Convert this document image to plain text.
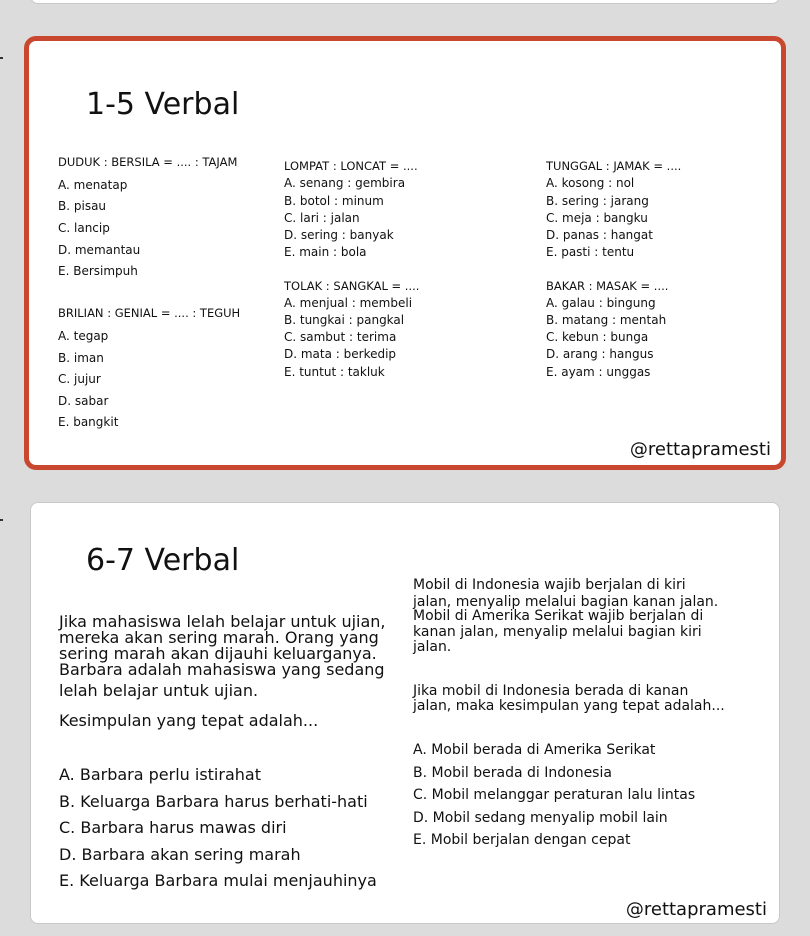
1-5 Verbal
DUDUK : BERSILA = .... : TAJAM
A. menatap
B. pisau
C. lancip
D. memantau
E. Bersimpuh
BRILIAN : GENIAL = .... : TEGUH
A. tegap
B. iman
C. jujur
D. sabar
E. bangkit
LOMPAT : LONCAT = ....
A. senang : gembira
B. botol : minum
C. lari : jalan
D. sering : banyak
E. main : bola
TOLAK : SANGKAL = ....
A. menjual : membeli
B. tungkai : pangkal
C. sambut : terima
D. mata : berkedip
E. tuntut : takluk
TUNGGAL : JAMAK = ....
A. kosong : nol
B. sering : jarang
C. meja : bangku
D. panas : hangat
E. pasti : tentu
BAKAR : MASAK = ....
A. galau : bingung
B. matang : mentah
C. kebun : bunga
D. arang : hangus
E. ayam : unggas
@rettapramesti
6-7 Verbal
Jika mahasiswa lelah belajar untuk ujian,
mereka akan sering marah. Orang yang
sering marah akan dijauhi keluarganya.
Barbara adalah mahasiswa yang sedang
lelah belajar untuk ujian.
Kesimpulan yang tepat adalah...
A. Barbara perlu istirahat
B. Keluarga Barbara harus berhati-hati
C. Barbara harus mawas diri
D. Barbara akan sering marah
E. Keluarga Barbara mulai menjauhinya
Mobil di Indonesia wajib berjalan di kiri
jalan, menyalip melalui bagian kanan jalan.
Mobil di Amerika Serikat wajib berjalan di
kanan jalan, menyalip melalui bagian kiri
jalan.
Jika mobil di Indonesia berada di kanan
jalan, maka kesimpulan yang tepat adalah...
A. Mobil berada di Amerika Serikat
B. Mobil berada di Indonesia
C. Mobil melanggar peraturan lalu lintas
D. Mobil sedang menyalip mobil lain
E. Mobil berjalan dengan cepat
@rettapramesti
